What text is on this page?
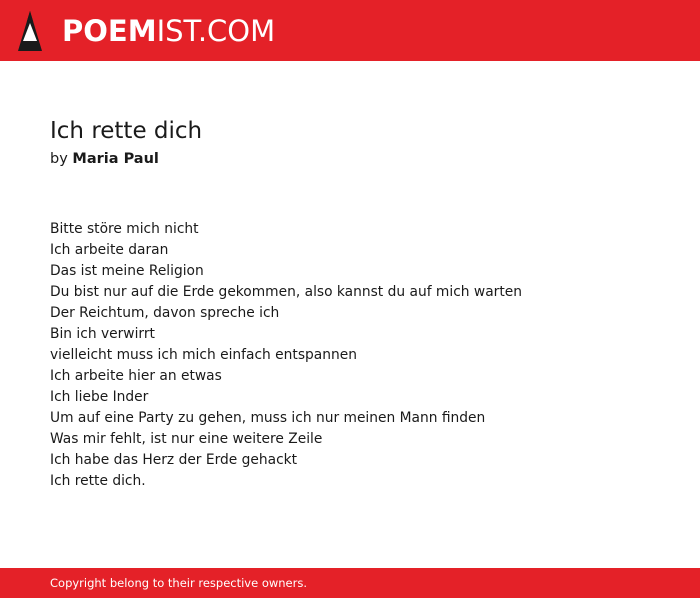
POEMIST.COM
Ich rette dich
by Maria Paul
Bitte störe mich nicht
Ich arbeite daran
Das ist meine Religion
Du bist nur auf die Erde gekommen, also kannst du auf mich warten
Der Reichtum, davon spreche ich
Bin ich verwirrt
vielleicht muss ich mich einfach entspannen
Ich arbeite hier an etwas
Ich liebe Inder
Um auf eine Party zu gehen, muss ich nur meinen Mann finden
Was mir fehlt, ist nur eine weitere Zeile
Ich habe das Herz der Erde gehackt
Ich rette dich.
Copyright belong to their respective owners.
